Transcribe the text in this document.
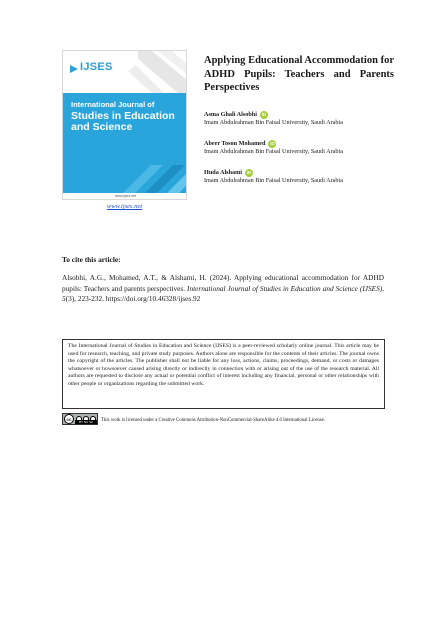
IJSES
International Journal of
Studies in Education and Science
www.ijses.net
www.ijses.net
Applying Educational Accommodation for ADHD Pupils: Teachers and Parents Perspectives
Asma Ghali Alsobhi	iD
Imam Abdulrahman Bin Faisal University, Saudi Arabia
Abeer Toson Mohamed	iD
Imam Abdulrahman Bin Faisal University, Saudi Arabia
Huda Alshami	iD
Imam Abdulrahman Bin Faisal University, Saudi Arabia
To cite this article:
Alsobhi, A.G., Mohamed, A.T., & Alshami, H. (2024). Applying educational accommodation for ADHD pupils: Teachers and parents perspectives. International Journal of Studies in Education and Science (IJSES), 5(3), 223-232. https://doi.org/10.46328/ijses.92
The International Journal of Studies in Education and Science (IJSES) is a peer-reviewed scholarly online journal. This article may be used for research, teaching, and private study purposes. Authors alone are responsible for the contents of their articles. The journal owns the copyright of the articles. The publisher shall not be liable for any loss, actions, claims, proceedings, demand, or costs or damages whatsoever or howsoever caused arising directly or indirectly in connection with or arising out of the use of the research material. All authors are requested to disclose any actual or potential conflict of interest including any financial, personal or other relationships with other people or organizations regarding the submitted work.
cc
BY NC SA	This work is licensed under a Creative Commons Attribution-NonCommercial-ShareAlike 4.0 International License.
